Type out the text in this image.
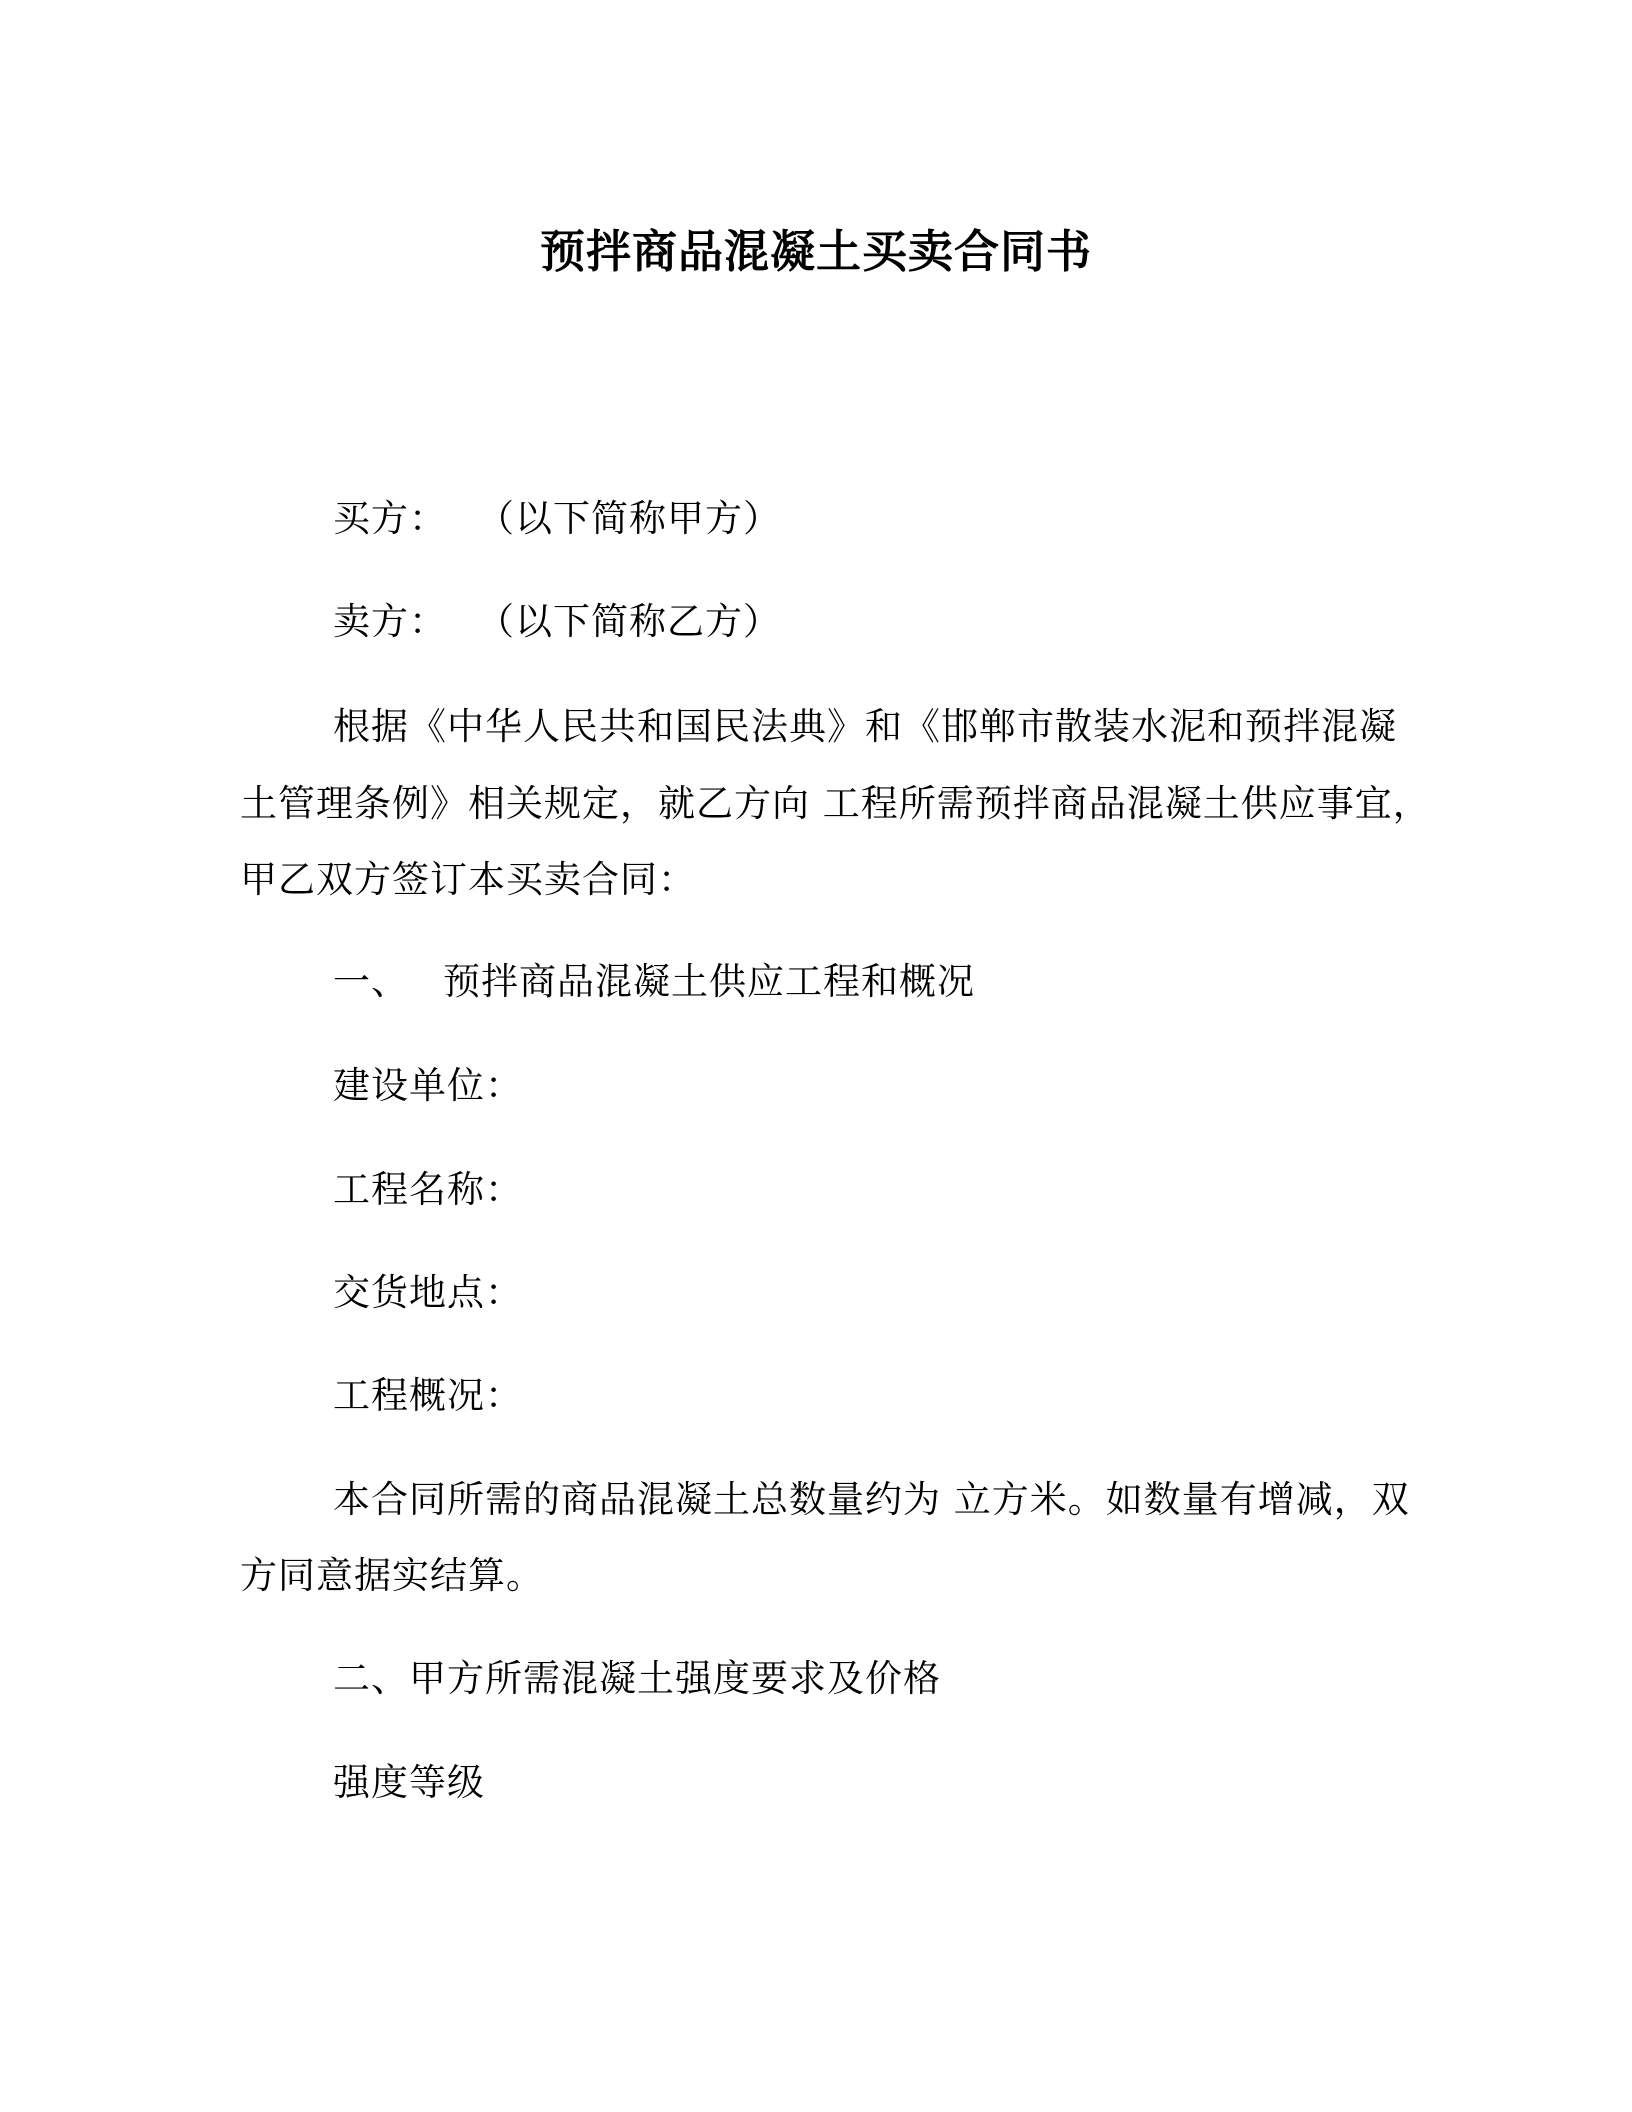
预拌商品混凝土买卖合同书
买方： （以下简称甲方）
卖方： （以下简称乙方）
根据《中华人民共和国民法典》和《邯郸市散装水泥和预拌混凝
土管理条例》相关规定，就乙方向 工程所需预拌商品混凝土供应事宜，
甲乙双方签订本买卖合同：
一、 预拌商品混凝土供应工程和概况
建设单位：
工程名称：
交货地点：
工程概况：
本合同所需的商品混凝土总数量约为 立方米。如数量有增减，双
方同意据实结算。
二、甲方所需混凝土强度要求及价格
强度等级
